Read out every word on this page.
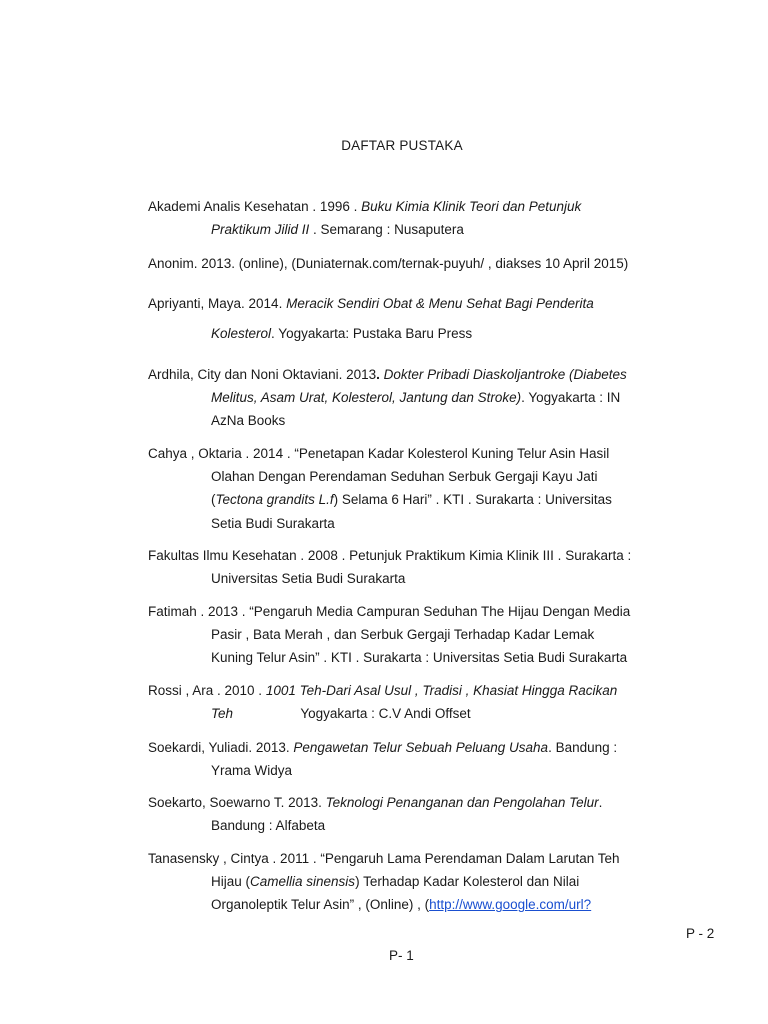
DAFTAR PUSTAKA
Akademi Analis Kesehatan . 1996 . Buku Kimia Klinik Teori dan Petunjuk
Praktikum Jilid II . Semarang : Nusaputera
Anonim. 2013. (online), (Duniaternak.com/ternak-puyuh/ , diakses 10 April 2015)
Apriyanti, Maya. 2014. Meracik Sendiri Obat & Menu Sehat Bagi Penderita
Kolesterol. Yogyakarta: Pustaka Baru Press
Ardhila, City dan Noni Oktaviani. 2013. Dokter Pribadi Diaskoljantroke (Diabetes
Melitus, Asam Urat, Kolesterol, Jantung dan Stroke). Yogyakarta : IN
AzNa Books
Cahya , Oktaria . 2014 . “Penetapan Kadar Kolesterol Kuning Telur Asin Hasil
Olahan Dengan Perendaman Seduhan Serbuk Gergaji Kayu Jati
(Tectona grandits L.f) Selama 6 Hari” . KTI . Surakarta : Universitas
Setia Budi Surakarta
Fakultas Ilmu Kesehatan . 2008 . Petunjuk Praktikum Kimia Klinik III . Surakarta :
Universitas Setia Budi Surakarta
Fatimah . 2013 . “Pengaruh Media Campuran Seduhan The Hijau Dengan Media
Pasir , Bata Merah , dan Serbuk Gergaji Terhadap Kadar Lemak
Kuning Telur Asin” . KTI . Surakarta : Universitas Setia Budi Surakarta
Rossi , Ara . 2010 . 1001 Teh-Dari Asal Usul , Tradisi , Khasiat Hingga Racikan
Teh	Yogyakarta : C.V Andi Offset
Soekardi, Yuliadi. 2013. Pengawetan Telur Sebuah Peluang Usaha. Bandung :
Yrama Widya
Soekarto, Soewarno T. 2013. Teknologi Penanganan dan Pengolahan Telur.
Bandung : Alfabeta
Tanasensky , Cintya . 2011 . “Pengaruh Lama Perendaman Dalam Larutan Teh
Hijau (Camellia sinensis) Terhadap Kadar Kolesterol dan Nilai
Organoleptik Telur Asin” , (Online) , (http://www.google.com/url?
P - 2
P- 1
